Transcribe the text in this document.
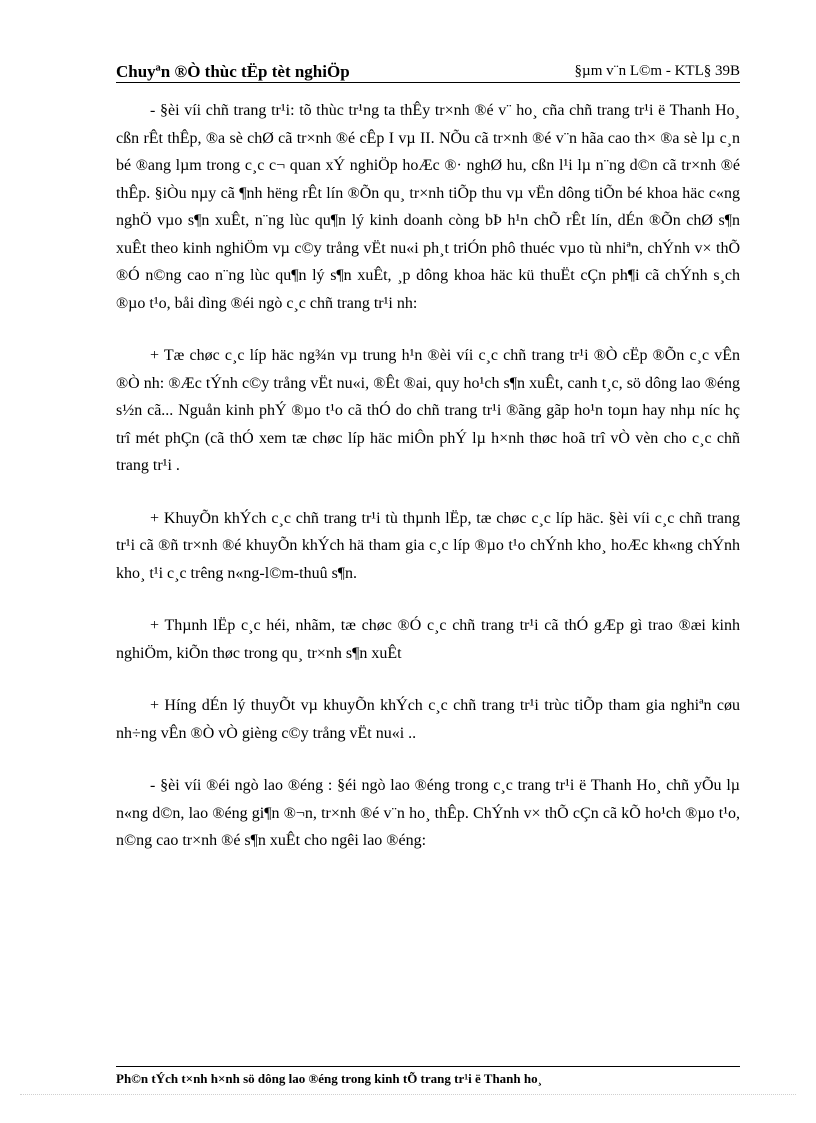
Chuyªn ®Ò thùc tËp tèt nghiÖp	§µm v¨n L©m - KTL§ 39B

- §èi víi chñ trang tr¹i: tõ thùc tr¹ng ta thÊy tr×nh ®é v¨ ho¸ cña chñ trang tr¹i ë Thanh Ho¸ cßn rÊt thÊp, ®a sè chØ cã tr×nh ®é cÊp I vµ II. NÕu cã tr×nh ®é v¨n hãa cao th× ®a sè lµ c¸n bé ®ang lµm trong c¸c c¬ quan xÝ nghiÖp hoÆc ®· nghØ hu, cßn l¹i lµ n¨ng d©n cã tr×nh ®é thÊp. §iÒu nµy cã ¶nh hëng rÊt lín ®Õn qu¸ tr×nh tiÕp thu vµ vËn dông tiÕn bé khoa häc c«ng nghÖ vµo s¶n xuÊt, n¨ng lùc qu¶n lý kinh doanh còng bÞ h¹n chÕ rÊt lín, dÉn ®Õn chØ s¶n xuÊt theo kinh nghiÖm vµ c©y trång vËt nu«i ph¸t triÓn phô thuéc vµo tù nhiªn, chÝnh v× thÕ ®Ó n©ng cao n¨ng lùc qu¶n lý s¶n xuÊt, ¸p dông khoa häc kü thuËt cÇn ph¶i cã chÝnh s¸ch ®µo t¹o, båi dìng ®éi ngò c¸c chñ trang tr¹i nh:

+ Tæ chøc c¸c líp häc ng¾n vµ trung h¹n ®èi víi c¸c chñ trang tr¹i ®Ò cËp ®Õn c¸c vÊn ®Ò nh: ®Æc tÝnh c©y trång vËt nu«i, ®Êt ®ai, quy ho¹ch s¶n xuÊt, canh t¸c, sö dông lao ®éng s½n cã... Nguån kinh phÝ ®µo t¹o cã thÓ do chñ trang tr¹i ®ãng gãp ho¹n toµn hay nhµ níc hç trî mét phÇn (cã thÓ xem tæ chøc líp häc miÔn phÝ lµ h×nh thøc hoã trî vÒ vèn cho c¸c chñ trang tr¹i .

+ KhuyÕn khÝch c¸c chñ trang tr¹i tù thµnh lËp, tæ chøc c¸c líp häc. §èi víi c¸c chñ trang tr¹i cã ®ñ tr×nh ®é khuyÕn khÝch hä tham gia c¸c líp ®µo t¹o chÝnh kho¸ hoÆc kh«ng chÝnh kho¸ t¹i c¸c trêng n«ng-l©m-thuû s¶n.

+ Thµnh lËp c¸c héi, nhãm, tæ chøc ®Ó c¸c chñ trang tr¹i cã thÓ gÆp gì trao ®æi kinh nghiÖm, kiÕn thøc trong qu¸ tr×nh s¶n xuÊt

+ Híng dÉn lý thuyÕt vµ khuyÕn khÝch c¸c chñ trang tr¹i trùc tiÕp tham gia nghiªn cøu nh÷ng vÊn ®Ò vÒ gièng c©y trång vËt nu«i ..

- §èi víi ®éi ngò lao ®éng : §éi ngò lao ®éng trong c¸c trang tr¹i ë Thanh Ho¸ chñ yÕu lµ n«ng d©n, lao ®éng gi¶n ®¬n, tr×nh ®é v¨n ho¸ thÊp. ChÝnh v× thÕ cÇn cã kÕ ho¹ch ®µo t¹o, n©ng cao tr×nh ®é s¶n xuÊt cho ngêi lao ®éng:

Ph©n tÝch t×nh h×nh sö dông lao ®éng trong kinh tÕ trang tr¹i ë Thanh ho¸
